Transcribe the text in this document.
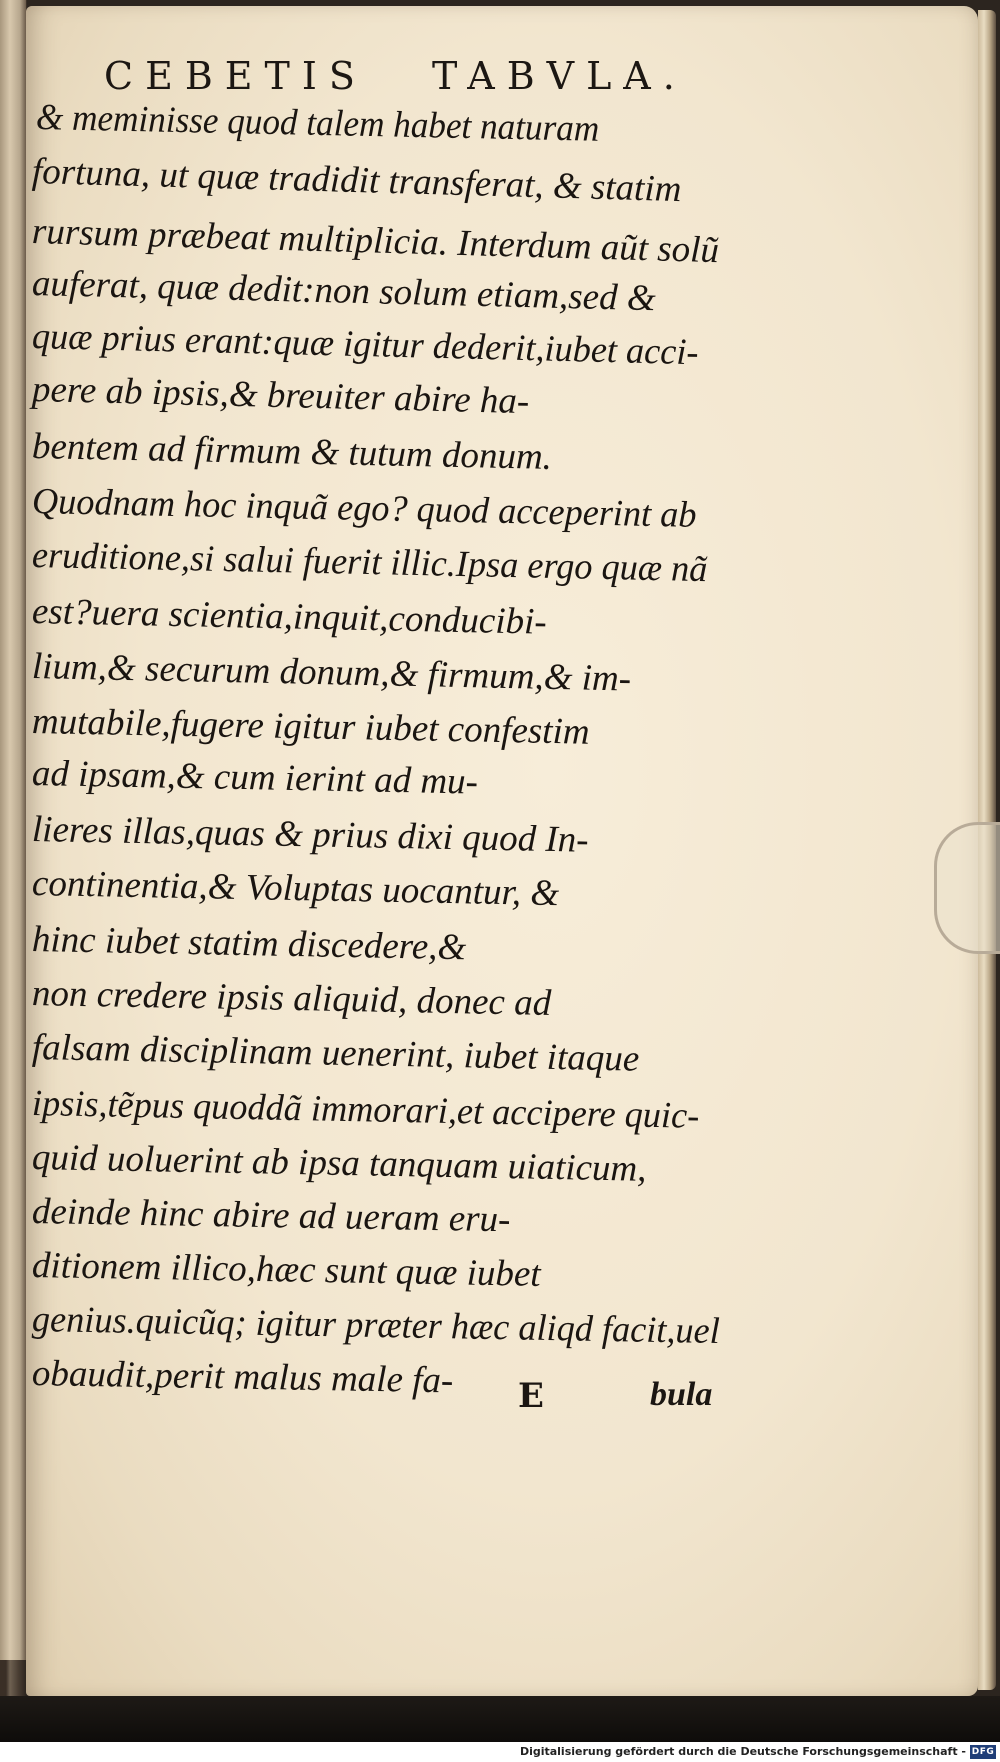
CEBETIS TABVLA.
& meminisse quod talem habet naturam
fortuna, ut quæ tradidit transferat, & statim
rursum præbeat multiplicia. Interdum aũt solũ
auferat, quæ dedit:non solum etiam,sed &
quæ prius erant:quæ igitur dederit,iubet acci-
pere ab ipsis,& breuiter abire ha-
bentem ad firmum & tutum donum.
Quodnam hoc inquã ego? quod acceperint ab
eruditione,si salui fuerit illic.Ipsa ergo quæ nã
est?uera scientia,inquit,conducibi-
lium,& securum donum,& firmum,& im-
mutabile,fugere igitur iubet confestim
ad ipsam,& cum ierint ad mu-
lieres illas,quas & prius dixi quod In-
continentia,& Voluptas uocantur, &
hinc iubet statim discedere,&
non credere ipsis aliquid, donec ad
falsam disciplinam uenerint, iubet itaque
ipsis,tẽpus quoddã immorari,et accipere quic-
quid uoluerint ab ipsa tanquam uiaticum,
deinde hinc abire ad ueram eru-
ditionem illico,hæc sunt quæ iubet
genius.quicũq; igitur præter hæc aliqd facit,uel
obaudit,perit malus male fa- E	bula
Digitalisierung gefördert durch die Deutsche Forschungsgemeinschaft - DFG
